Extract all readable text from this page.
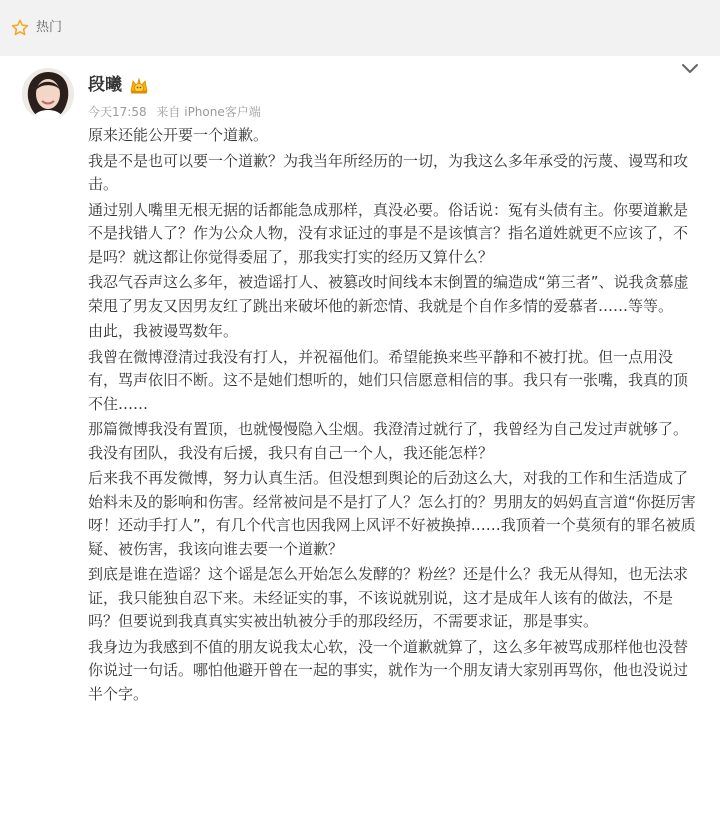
热门
段曦
今天17:58 来自 iPhone客户端

原来还能公开要一个道歉。

我是不是也可以要一个道歉？为我当年所经历的一切，为我这么多年承受的污蔑、谩骂和攻击。

通过别人嘴里无根无据的话都能急成那样，真没必要。俗话说：冤有头债有主。你要道歉是不是找错人了？作为公众人物，没有求证过的事是不是该慎言？指名道姓就更不应该了，不是吗？就这都让你觉得委屈了，那我实打实的经历又算什么？

我忍气吞声这么多年，被造谣打人、被篡改时间线本末倒置的编造成“第三者”、说我贪慕虚荣甩了男友又因男友红了跳出来破坏他的新恋情、我就是个自作多情的爱慕者……等等。

由此，我被谩骂数年。

我曾在微博澄清过我没有打人，并祝福他们。希望能换来些平静和不被打扰。但一点用没有，骂声依旧不断。这不是她们想听的，她们只信愿意相信的事。我只有一张嘴，我真的顶不住……

那篇微博我没有置顶，也就慢慢隐入尘烟。我澄清过就行了，我曾经为自己发过声就够了。我没有团队，我没有后援，我只有自己一个人，我还能怎样？

后来我不再发微博，努力认真生活。但没想到舆论的后劲这么大，对我的工作和生活造成了始料未及的影响和伤害。经常被问是不是打了人？怎么打的？男朋友的妈妈直言道“你挺厉害呀！还动手打人”，有几个代言也因我网上风评不好被换掉……我顶着一个莫须有的罪名被质疑、被伤害，我该向谁去要一个道歉？

到底是谁在造谣？这个谣是怎么开始怎么发酵的？粉丝？还是什么？我无从得知，也无法求证，我只能独自忍下来。未经证实的事，不该说就别说，这才是成年人该有的做法，不是吗？但要说到我真真实实被出轨被分手的那段经历，不需要求证，那是事实。

我身边为我感到不值的朋友说我太心软，没一个道歉就算了，这么多年被骂成那样他也没替你说过一句话。哪怕他避开曾在一起的事实，就作为一个朋友请大家别再骂你，他也没说过半个字。
